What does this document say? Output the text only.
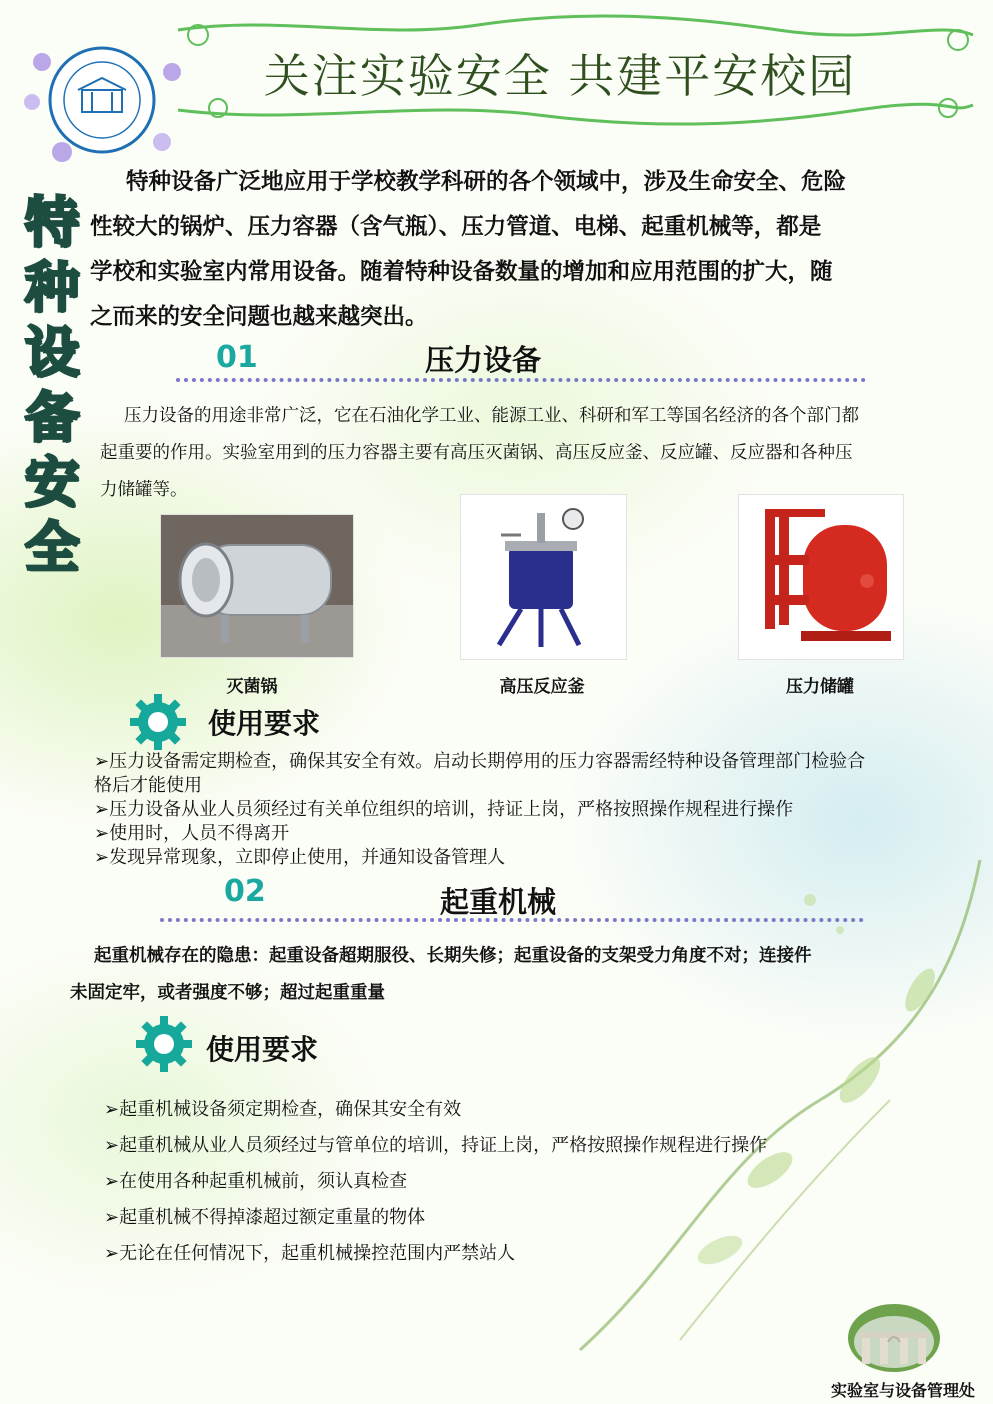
关注实验安全 共建平安校园
特
种
设
备
安
全
特种设备广泛地应用于学校教学科研的各个领域中，涉及生命安全、危险
性较大的锅炉、压力容器（含气瓶）、压力管道、电梯、起重机械等，都是
学校和实验室内常用设备。随着特种设备数量的增加和应用范围的扩大，随
之而来的安全问题也越来越突出。
01	压力设备
压力设备的用途非常广泛，它在石油化学工业、能源工业、科研和军工等国名经济的各个部门都
起重要的作用。实验室用到的压力容器主要有高压灭菌锅、高压反应釜、反应罐、反应器和各种压
力储罐等。
灭菌锅	高压反应釜	压力储罐
使用要求
➢压力设备需定期检查，确保其安全有效。启动长期停用的压力容器需经特种设备管理部门检验合
格后才能使用
➢压力设备从业人员须经过有关单位组织的培训，持证上岗，严格按照操作规程进行操作
➢使用时，人员不得离开
➢发现异常现象，立即停止使用，并通知设备管理人
02	起重机械
起重机械存在的隐患：起重设备超期服役、长期失修；起重设备的支架受力角度不对；连接件
未固定牢，或者强度不够；超过起重重量
使用要求
➢起重机械设备须定期检查，确保其安全有效
➢起重机械从业人员须经过与管单位的培训，持证上岗，严格按照操作规程进行操作
➢在使用各种起重机械前，须认真检查
➢起重机械不得掉漆超过额定重量的物体
➢无论在任何情况下，起重机械操控范围内严禁站人
实验室与设备管理处
